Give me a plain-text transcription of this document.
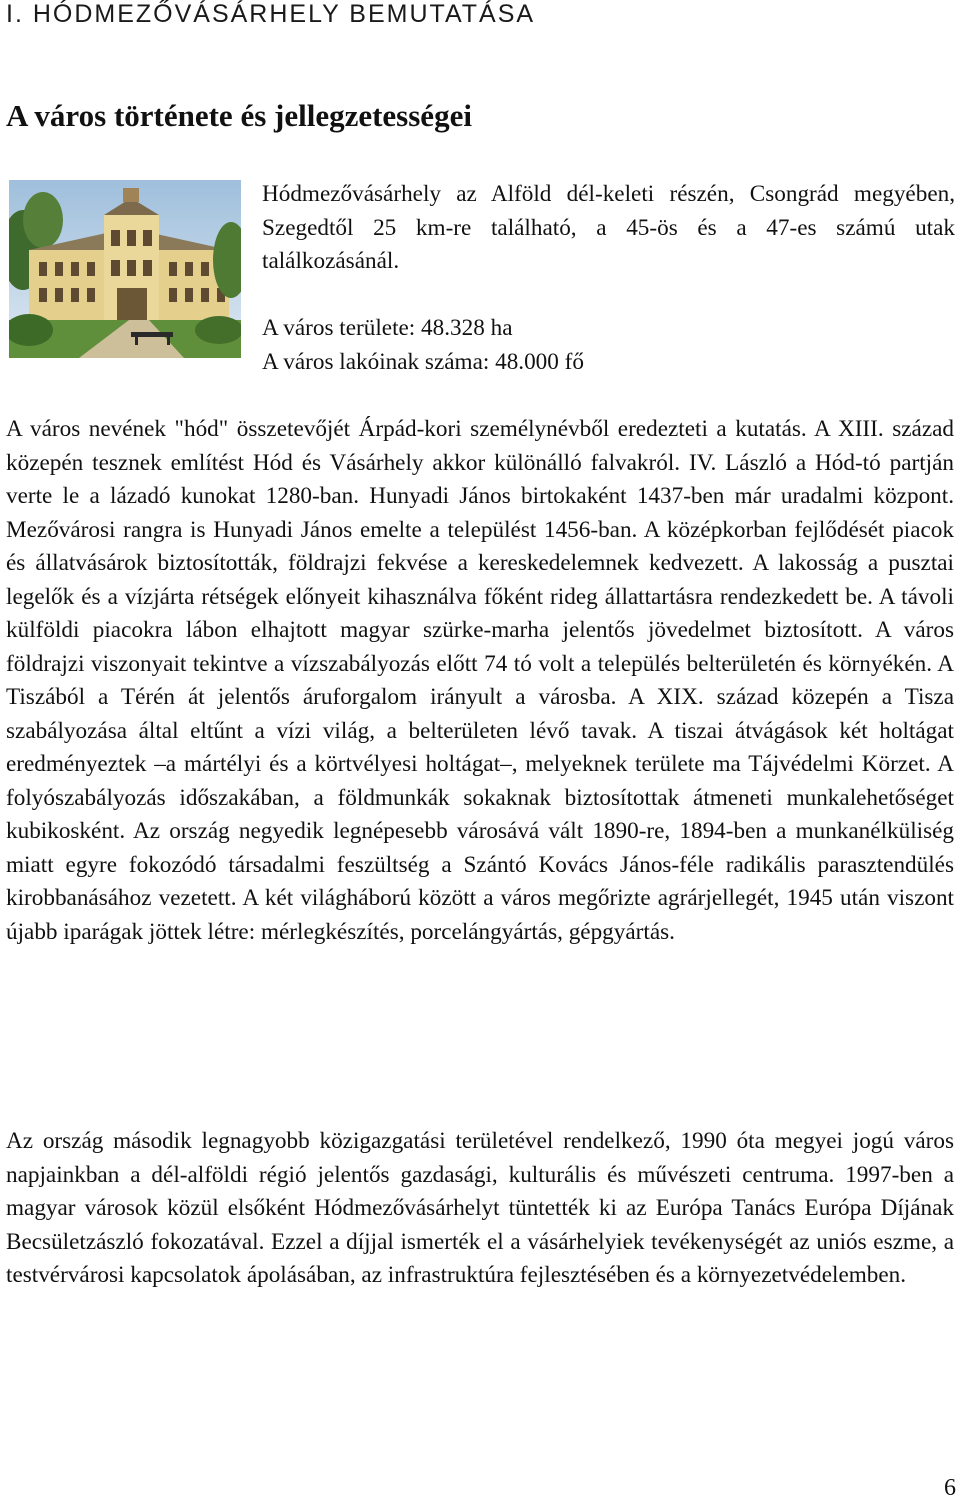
I. HÓDMEZŐVÁSÁRHELY BEMUTATÁSA
A város története és jellegzetességei

Hódmezővásárhely az Alföld dél-keleti részén, Csongrád megyében, Szegedtől 25 km-re található, a 45-ös és a 47-es számú utak találkozásánál.

A város területe: 48.328 ha
A város lakóinak száma: 48.000 fő

A város nevének "hód" összetevőjét Árpád-kori személynévből eredezteti a kutatás. A XIII. század közepén tesznek említést Hód és Vásárhely akkor különálló falvakról. IV. László a Hód-tó partján verte le a lázadó kunokat 1280-ban. Hunyadi János birtokaként 1437-ben már uradalmi központ. Mezővárosi rangra is Hunyadi János emelte a települést 1456-ban. A középkorban fejlődését piacok és állatvásárok biztosították, földrajzi fekvése a kereskedelemnek kedvezett. A lakosság a pusztai legelők és a vízjárta rétségek előnyeit kihasználva főként rideg állattartásra rendezkedett be. A távoli külföldi piacokra lábon elhajtott magyar szürke-marha jelentős jövedelmet biztosított. A város földrajzi viszonyait tekintve a vízszabályozás előtt 74 tó volt a település belterületén és környékén. A Tiszából a Térén át jelentős áruforgalom irányult a városba. A XIX. század közepén a Tisza szabályozása által eltűnt a vízi világ, a belterületen lévő tavak. A tiszai átvágások két holtágat eredményeztek –a mártélyi és a körtvélyesi holtágat–, melyeknek területe ma Tájvédelmi Körzet. A folyószabályozás időszakában, a földmunkák sokaknak biztosítottak átmeneti munkalehetőséget kubikosként. Az ország negyedik legnépesebb városává vált 1890-re, 1894-ben a munkanélküliség miatt egyre fokozódó társadalmi feszültség a Szántó Kovács János-féle radikális parasztendülés kirobbanásához vezetett. A két világháború között a város megőrizte agrárjellegét, 1945 után viszont újabb iparágak jöttek létre: mérlegkészítés, porcelángyártás, gépgyártás.

Az ország második legnagyobb közigazgatási területével rendelkező, 1990 óta megyei jogú város napjainkban a dél-alföldi régió jelentős gazdasági, kulturális és művészeti centruma. 1997-ben a magyar városok közül elsőként Hódmezővásárhelyt tüntették ki az Európa Tanács Európa Díjának Becsületzászló fokozatával. Ezzel a díjjal ismerték el a vásárhelyiek tevékenységét az uniós eszme, a testvérvárosi kapcsolatok ápolásában, az infrastruktúra fejlesztésében és a környezetvédelemben.

6
